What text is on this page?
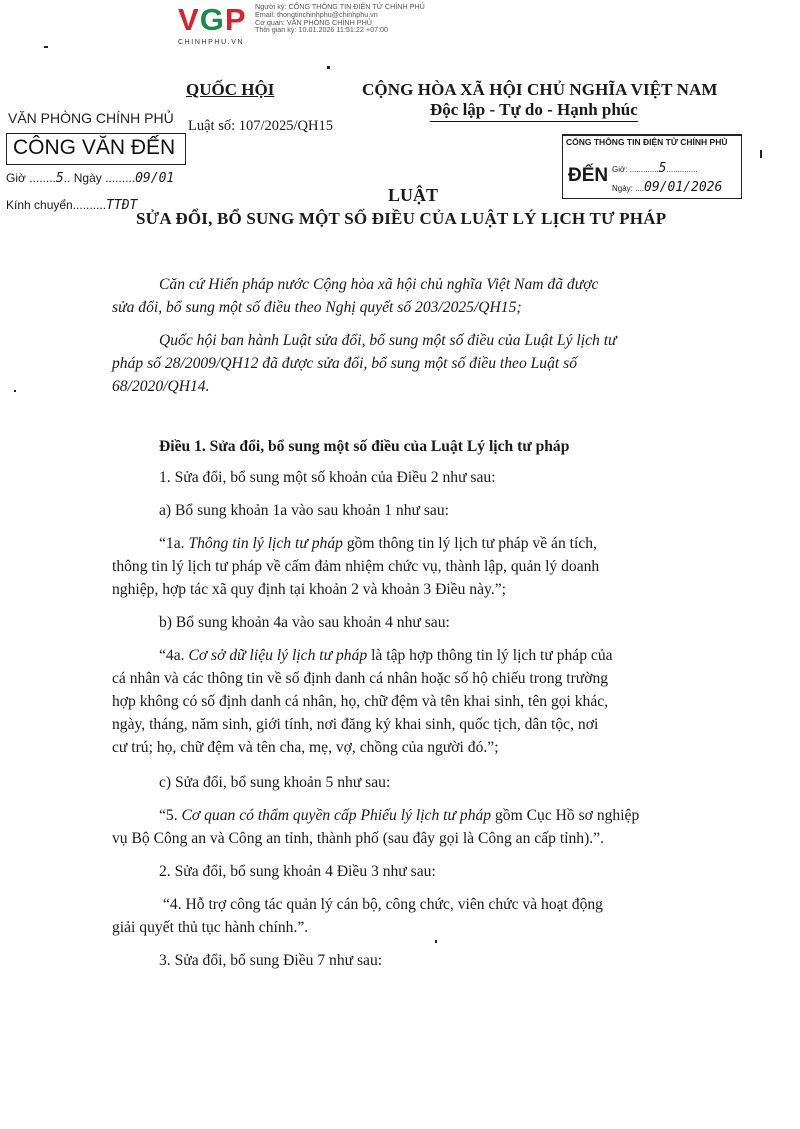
VGP
CHINHPHU.VN
Người ký: CỔNG THÔNG TIN ĐIỆN TỬ CHÍNH PHỦ
Email: thongtinchinhphu@chinhphu.vn
Cơ quan: VĂN PHÒNG CHÍNH PHỦ
Thời gian ký: 10.01.2026 11:51:22 +07:00
QUỐC HỘI	CỘNG HÒA XÃ HỘI CHỦ NGHĨA VIỆT NAM
Độc lập - Tự do - Hạnh phúc
Luật số: 107/2025/QH15
VĂN PHÒNG CHÍNH PHỦ
CÔNG VĂN ĐẾN
Giờ ........5.. Ngày .........09/01
Kính chuyển..........TTĐT
CỔNG THÔNG TIN ĐIỆN TỬ CHÍNH PHỦ
ĐẾN Giờ: .............5..............
Ngày: ....09/01/2026
LUẬT
SỬA ĐỔI, BỔ SUNG MỘT SỐ ĐIỀU CỦA LUẬT LÝ LỊCH TƯ PHÁP
Căn cứ Hiến pháp nước Cộng hòa xã hội chủ nghĩa Việt Nam đã được
sửa đổi, bổ sung một số điều theo Nghị quyết số 203/2025/QH15;
Quốc hội ban hành Luật sửa đổi, bổ sung một số điều của Luật Lý lịch tư
pháp số 28/2009/QH12 đã được sửa đổi, bổ sung một số điều theo Luật số
68/2020/QH14.
Điều 1. Sửa đổi, bổ sung một số điều của Luật Lý lịch tư pháp
1. Sửa đổi, bổ sung một số khoản của Điều 2 như sau:
a) Bổ sung khoản 1a vào sau khoản 1 như sau:
“1a. Thông tin lý lịch tư pháp gồm thông tin lý lịch tư pháp về án tích,
thông tin lý lịch tư pháp về cấm đảm nhiệm chức vụ, thành lập, quản lý doanh
nghiệp, hợp tác xã quy định tại khoản 2 và khoản 3 Điều này.”;
b) Bổ sung khoản 4a vào sau khoản 4 như sau:
“4a. Cơ sở dữ liệu lý lịch tư pháp là tập hợp thông tin lý lịch tư pháp của
cá nhân và các thông tin về số định danh cá nhân hoặc số hộ chiếu trong trường
hợp không có số định danh cá nhân, họ, chữ đệm và tên khai sinh, tên gọi khác,
ngày, tháng, năm sinh, giới tính, nơi đăng ký khai sinh, quốc tịch, dân tộc, nơi
cư trú; họ, chữ đệm và tên cha, mẹ, vợ, chồng của người đó.”;
c) Sửa đổi, bổ sung khoản 5 như sau:
“5. Cơ quan có thẩm quyền cấp Phiếu lý lịch tư pháp gồm Cục Hồ sơ nghiệp
vụ Bộ Công an và Công an tỉnh, thành phố (sau đây gọi là Công an cấp tỉnh).”.
2. Sửa đổi, bổ sung khoản 4 Điều 3 như sau:
“4. Hỗ trợ công tác quản lý cán bộ, công chức, viên chức và hoạt động
giải quyết thủ tục hành chính.”.
3. Sửa đổi, bổ sung Điều 7 như sau:
